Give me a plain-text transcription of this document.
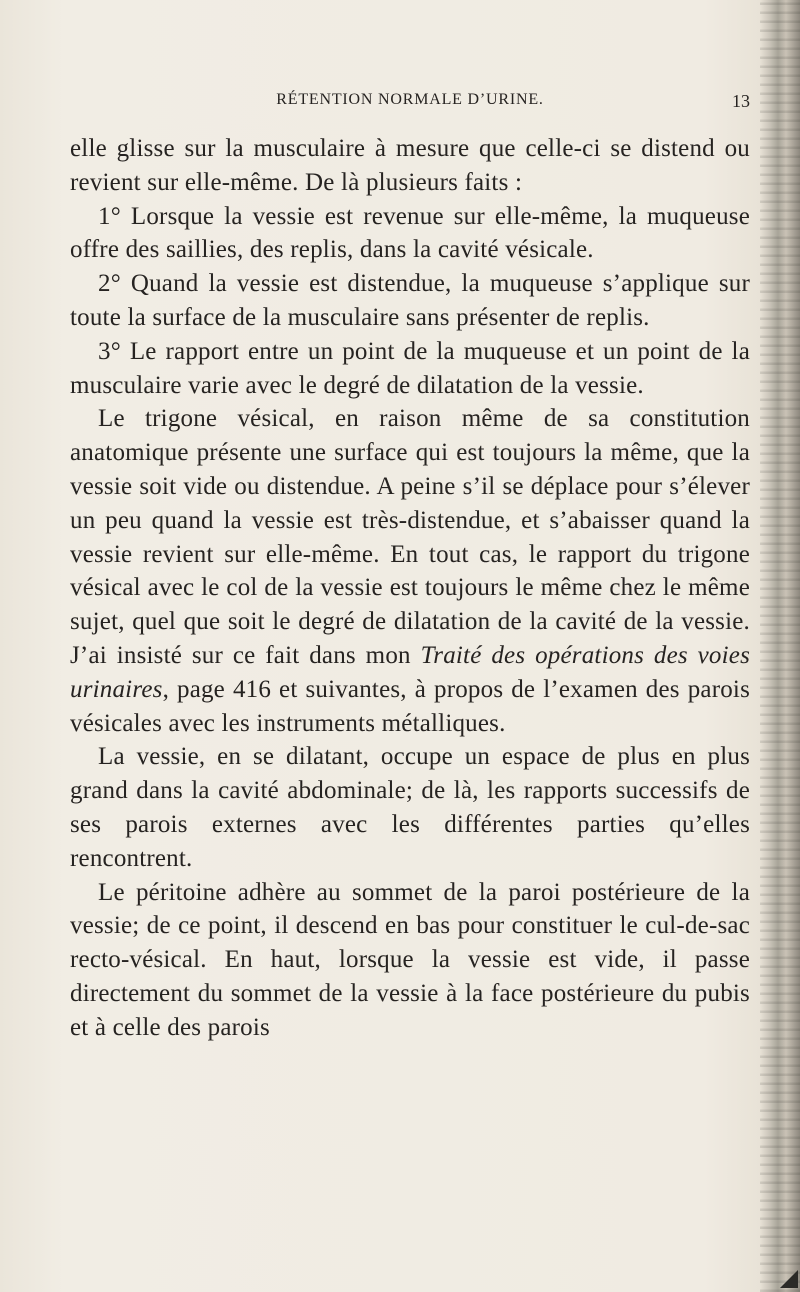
RÉTENTION NORMALE D’URINE.	13

elle glisse sur la musculaire à mesure que celle-ci se distend ou revient sur elle-même. De là plusieurs faits :

1° Lorsque la vessie est revenue sur elle-même, la muqueuse offre des saillies, des replis, dans la cavité vésicale.

2° Quand la vessie est distendue, la muqueuse s’applique sur toute la surface de la musculaire sans présenter de replis.

3° Le rapport entre un point de la muqueuse et un point de la musculaire varie avec le degré de dilatation de la vessie.

Le trigone vésical, en raison même de sa constitution anatomique présente une surface qui est toujours la même, que la vessie soit vide ou distendue. A peine s’il se déplace pour s’élever un peu quand la vessie est très-distendue, et s’abaisser quand la vessie revient sur elle-même. En tout cas, le rapport du trigone vésical avec le col de la vessie est toujours le même chez le même sujet, quel que soit le degré de dilatation de la cavité de la vessie. J’ai insisté sur ce fait dans mon Traité des opérations des voies urinaires, page 416 et suivantes, à propos de l’examen des parois vésicales avec les instruments métalliques.

La vessie, en se dilatant, occupe un espace de plus en plus grand dans la cavité abdominale; de là, les rapports successifs de ses parois externes avec les différentes parties qu’elles rencontrent.

Le péritoine adhère au sommet de la paroi postérieure de la vessie; de ce point, il descend en bas pour constituer le cul-de-sac recto-vésical. En haut, lorsque la vessie est vide, il passe directement du sommet de la vessie à la face postérieure du pubis et à celle des parois
